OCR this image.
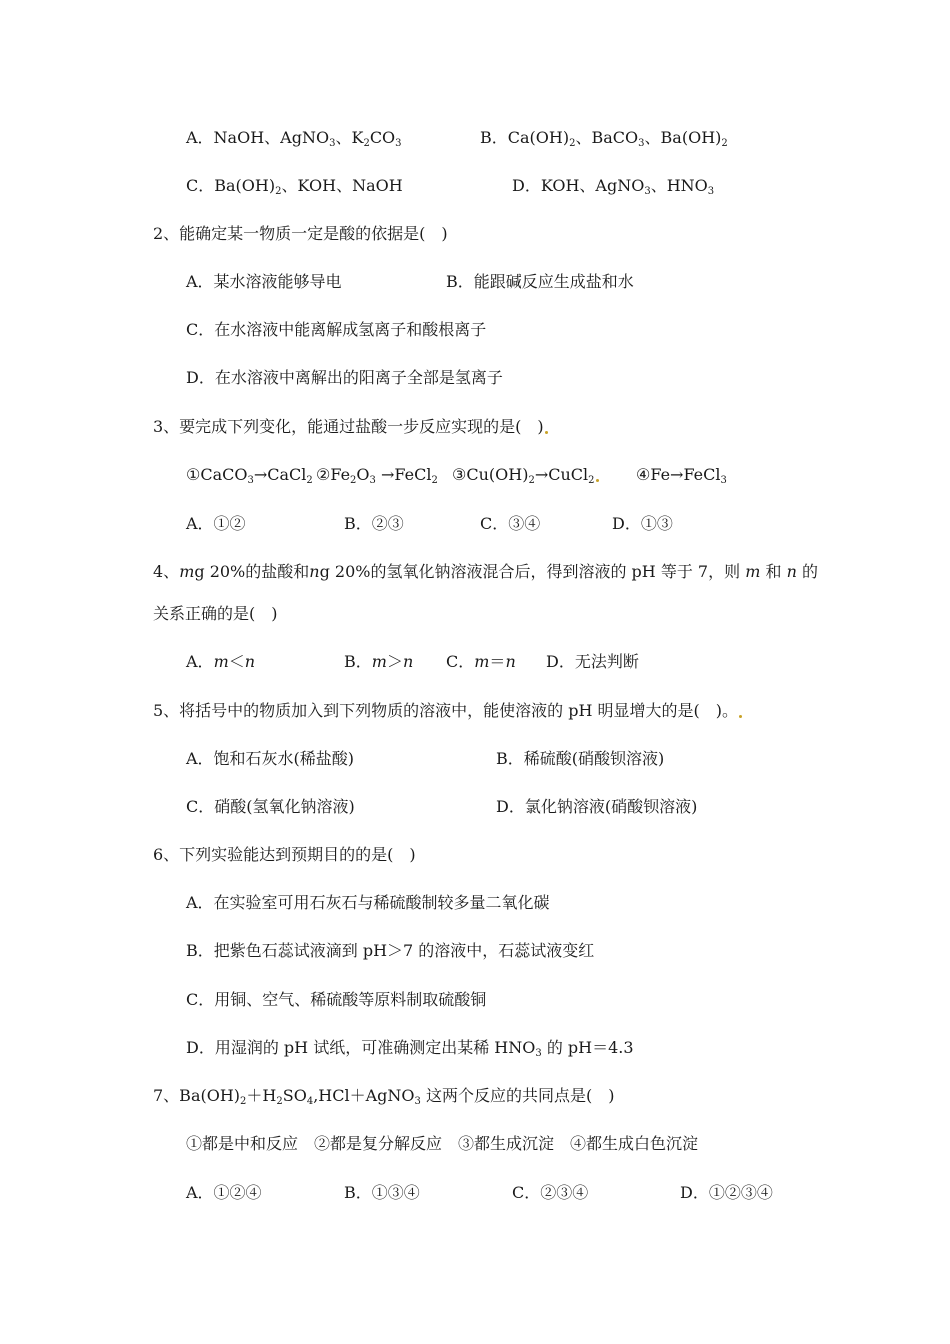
A．NaOH、AgNO$_3$、$K_2CO_3$	B．$Ca(OH)_2$、BaCO$_3$、$Ba(OH)_2$
C．$Ba(OH)_2$、KOH、NaOH	D．KOH、AgNO$_3$、$HNO_3$
2、能确定某一物质一定是酸的依据是(　)
A．某水溶液能够导电	B．能跟碱反应生成盐和水
C．在水溶液中能离解成氢离子和酸根离子
D．在水溶液中离解出的阳离子全部是氢离子
3、要完成下列变化，能通过盐酸一步反应实现的是(　)
①CaCO$_3$→CaCl$_2$ $②Fe_2O_3$ →FeCl$_2$ $③Cu(OH)_2\to CuCl_2$	④Fe→FeCl$_3$
A．①②	B．②③	C．③④	D．①③
4、mg 20%的盐酸和ng 20%的氢氧化钠溶液混合后，得到溶液的 pH 等于 7，则 m 和 n 的
关系正确的是(　)
A．m＜n	B．m＞n C．m＝n D．无法判断
5、将括号中的物质加入到下列物质的溶液中，能使溶液的 pH 明显增大的是(　)。
A．饱和石灰水(稀盐酸)	B．稀硫酸(硝酸钡溶液)
C．硝酸(氢氧化钠溶液)	D．氯化钠溶液(硝酸钡溶液)
6、下列实验能达到预期目的的是(　)
A．在实验室可用石灰石与稀硫酸制较多量二氧化碳
B．把紫色石蕊试液滴到 pH＞7 的溶液中，石蕊试液变红
C．用铜、空气、稀硫酸等原料制取硫酸铜
D．用湿润的 pH 试纸，可准确测定出某稀 $HNO_3$ 的 pH＝4.3
7、$Ba(OH)_2+H_2SO_4,HCl+AgNO_3$ 这两个反应的共同点是(　)
①都是中和反应　②都是复分解反应　③都生成沉淀　④都生成白色沉淀
A．①②④	B．①③④	C．②③④	D．①②③④
